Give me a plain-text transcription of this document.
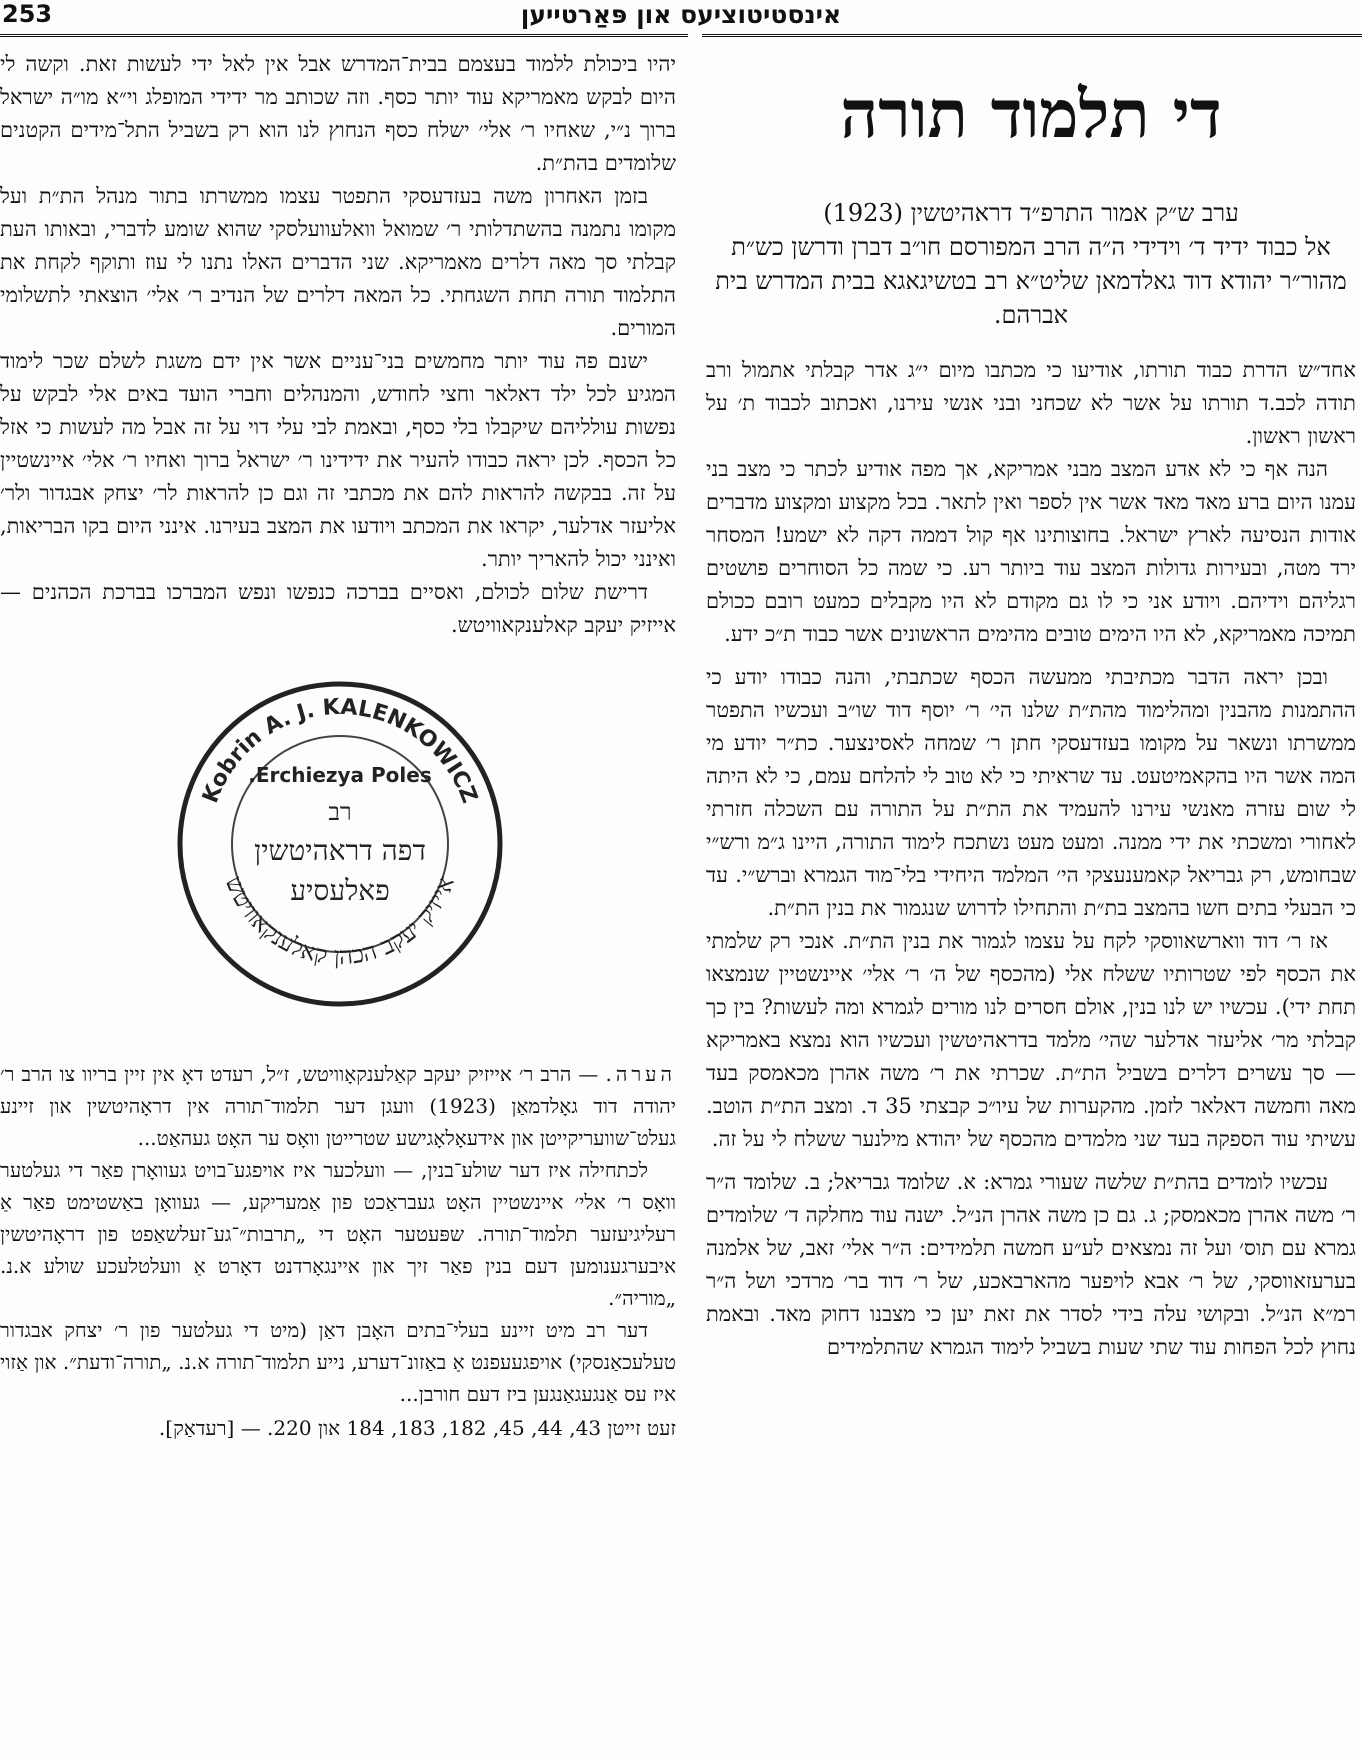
253	אינסטיטוציעס און פּאַרטייען
די תלמוד תורה
ערב ש״ק אמור התרפ״ד דראהיטשין (1923)
אל כבוד ידיד ד׳ וידידי ה״ה הרב המפורסם חו״ב דברן ודרשן כש״ת מהור״ר יהודא דוד גאלדמאן שליט״א רב בטשיגאגא בבית המדרש בית אברהם.

אחד״ש הדרת כבוד תורתו, אודיעו כי מכתבו מיום י״ג אדר קבלתי אתמול ורב תודה לכב.ד תורתו על אשר לא שכחני ובני אנשי עירנו, ואכתוב לכבוד ת׳ על ראשון ראשון.

הנה אף כי לא אדע המצב מבני אמריקא, אך מפה אודיע לכתר כי מצב בני עמנו היום ברע מאד מאד אשר אין לספר ואין לתאר. בכל מקצוע ומקצוע מדברים אודות הנסיעה לארץ ישראל. בחוצותינו אף קול דממה דקה לא ישמע! המסחר ירד מטה, ובעירות גדולות המצב עוד ביותר רע. כי שמה כל הסוחרים פושטים רגליהם וידיהם. ויודע אני כי לו גם מקודם לא היו מקבלים כמעט רובם ככולם תמיכה מאמריקא, לא היו הימים טובים מהימים הראשונים אשר כבוד ת״כ ידע.

ובכן יראה הדבר מכתיבתי ממעשה הכסף שכתבתי, והנה כבודו יודע כי ההתמנות מהבנין ומהלימוד מהת״ת שלנו הי׳ ר׳ יוסף דוד שו״ב ועכשיו התפטר ממשרתו ונשאר על מקומו בעזדעסקי חתן ר׳ שמחה לאסינצער. כת״ר יודע מי המה אשר היו בהקאמיטעט. עד שראיתי כי לא טוב לי להלחם עמם, כי לא היתה לי שום עזרה מאנשי עירנו להעמיד את הת״ת על התורה עם השכלה חזרתי לאחורי ומשכתי את ידי ממנה. ומעט מעט נשתכח לימוד התורה, היינו ג״מ ורש״י שבחומש, רק גבריאל קאמענעצקי הי׳ המלמד היחידי בלי־מוד הגמרא וברש״י. עד כי הבעלי בתים חשו בהמצב בת״ת והתחילו לדרוש שנגמור את בנין הת״ת.

אז ר׳ דוד ווארשאווסקי לקח על עצמו לגמור את בנין הת״ת. אנכי רק שלמתי את הכסף לפי שטרותיו ששלח אלי (מהכסף של ה׳ ר׳ אלי׳ איינשטיין שנמצאו תחת ידי). עכשיו יש לנו בנין, אולם חסרים לנו מורים לגמרא ומה לעשות? בין כך קבלתי מר׳ אליעזר אדלער שהי׳ מלמד בדראהיטשין ועכשיו הוא נמצא באמריקא — סך עשרים דלרים בשביל הת״ת. שכרתי את ר׳ משה אהרן מכאמסק בעד מאה וחמשה דאלאר לזמן. מהקערות של עיו״כ קבצתי 35 ד. ומצב הת״ת הוטב. עשיתי עוד הספקה בעד שני מלמדים מהכסף של יהודא מילנער ששלח לי על זה.

עכשיו לומדים בהת״ת שלשה שעורי גמרא: א. שלומד גבריאל; ב. שלומד ה״ר ר׳ משה אהרן מכאמסק; ג. גם כן משה אהרן הנ״ל. ישנה עוד מחלקה ד׳ שלומדים גמרא עם תוס׳ ועל זה נמצאים לע״ע חמשה תלמידים: ה״ר אלי׳ זאב, של אלמנה בערעזאווסקי, של ר׳ אבא לויפער מהארבאכע, של ר׳ דוד בר׳ מרדכי ושל ה״ר רמ״א הנ״ל. ובקושי עלה בידי לסדר את זאת יען כי מצבנו דחוק מאד. ובאמת נחוץ לכל הפחות עוד שתי שעות בשביל לימוד הגמרא שהתלמידים

יהיו ביכולת ללמוד בעצמם בבית־המדרש אבל אין לאל ידי לעשות זאת. וקשה לי היום לבקש מאמריקא עוד יותר כסף. וזה שכותב מר ידידי המופלג וי״א מו״ה ישראל ברוך נ״י, שאחיו ר׳ אלי׳ ישלח כסף הנחוץ לנו הוא רק בשביל התל־מידים הקטנים שלומדים בהת״ת.

בזמן האחרון משה בעזדעסקי התפטר עצמו ממשרתו בתור מנהל הת״ת ועל מקומו נתמנה בהשתדלותי ר׳ שמואל וואלעוועלסקי שהוא שומע לדברי, ובאותו העת קבלתי סך מאה דלרים מאמריקא. שני הדברים האלו נתנו לי עוז ותוקף לקחת את התלמוד תורה תחת השגחתי. כל המאה דלרים של הנדיב ר׳ אלי׳ הוצאתי לתשלומי המורים.

ישנם פה עוד יותר מחמשים בני־עניים אשר אין ידם משגת לשלם שכר לימוד המגיע לכל ילד דאלאר וחצי לחודש, והמנהלים וחברי הועד באים אלי לבקש על נפשות עולליהם שיקבלו בלי כסף, ובאמת לבי עלי דוי על זה אבל מה לעשות כי אזל כל הכסף. לכן יראה כבודו להעיר את ידידינו ר׳ ישראל ברוך ואחיו ר׳ אלי׳ איינשטיין על זה. בבקשה להראות להם את מכתבי זה וגם כן להראות לר׳ יצחק אבגדור ולר׳ אליעזר אדלער, יקראו את המכתב ויודעו את המצב בעירנו. אינני היום בקו הבריאות, ואינני יכול להאריך יותר.

דרישת שלום לכולם, ואסיים בברכה כנפשו ונפש המברכו בברכת הכהנים — אייזיק יעקב קאלענקאוויטש.

Kobrin A. J. KALENKOWICZ
אייזיק יעקב הכהן קאלענקאוויטש
Erchiezya Poles.
רב
דפה דראהיטשין
פאלעסיע

הערה. — הרב ר׳ אייזיק יעקב קאַלענקאָוויטש, ז״ל, רעדט דאָ אין זיין בריוו צו הרב ר׳ יהודה דוד גאָלדמאַן (1923) וועגן דער תלמוד־תורה אין דראָהיטשין און זיינע געלט־שוועריקייטן און אידעאָלאָגישע שטרייטן וואָס ער האָט געהאַט...

לכתחילה איז דער שולע־בנין, — וועלכער איז אויפגע־בויט געוואָרן פאַר די געלטער וואָס ר׳ אלי׳ איינשטיין האָט געבראַכט פון אַמעריקע, — געוואָן באַשטימט פאַר אַ רעליגיעזער תלמוד־תורה. שפּעטער האָט די „תרבות״־גע־זעלשאַפט פון דראָהיטשין איבערגענומען דעם בנין פאַר זיך און איינגאָרדנט דאָרט אַ וועלטלעכע שולע א.נ. „מוריה״.

דער רב מיט זיינע בעלי־בתים האָבן דאַן (מיט די געלטער פון ר׳ יצחק אבגדור טעלעכאַנסקי) אויפגעעפנט אַ באַזונ־דערע, נייע תלמוד־תורה א.נ. „תורה־ודעת״. און אַזוי איז עס אַנגעגאַנגען ביז דעם חורבן...

זעט זייטן 43, 44, 45, 182, 183, 184 און 220. — [רעדאַק].
